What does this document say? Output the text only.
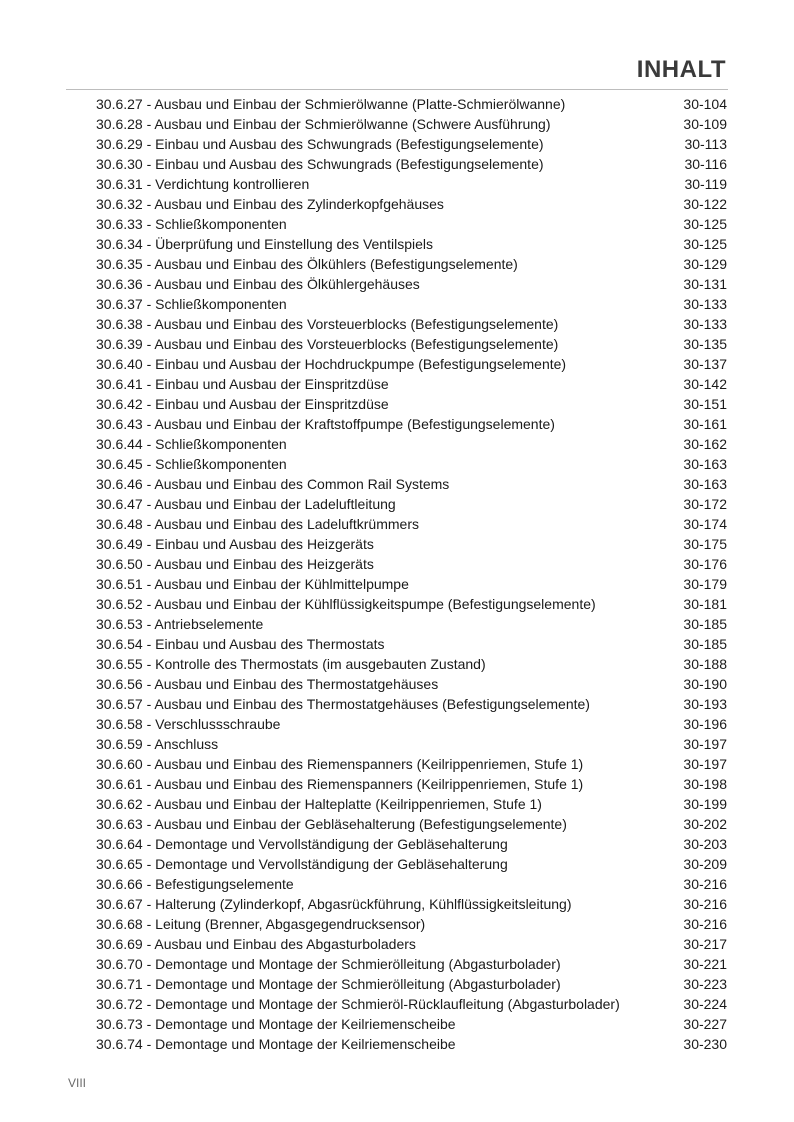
INHALT
30.6.27 - Ausbau und Einbau der Schmierölwanne (Platte-Schmierölwanne)	30-104
30.6.28 - Ausbau und Einbau der Schmierölwanne (Schwere Ausführung)	30-109
30.6.29 - Einbau und Ausbau des Schwungrads (Befestigungselemente)	30-113
30.6.30 - Einbau und Ausbau des Schwungrads (Befestigungselemente)	30-116
30.6.31 - Verdichtung kontrollieren	30-119
30.6.32 - Ausbau und Einbau des Zylinderkopfgehäuses	30-122
30.6.33 - Schließkomponenten	30-125
30.6.34 - Überprüfung und Einstellung des Ventilspiels	30-125
30.6.35 - Ausbau und Einbau des Ölkühlers (Befestigungselemente)	30-129
30.6.36 - Ausbau und Einbau des Ölkühlergehäuses	30-131
30.6.37 - Schließkomponenten	30-133
30.6.38 - Ausbau und Einbau des Vorsteuerblocks (Befestigungselemente)	30-133
30.6.39 - Ausbau und Einbau des Vorsteuerblocks (Befestigungselemente)	30-135
30.6.40 - Einbau und Ausbau der Hochdruckpumpe (Befestigungselemente)	30-137
30.6.41 - Einbau und Ausbau der Einspritzdüse	30-142
30.6.42 - Einbau und Ausbau der Einspritzdüse	30-151
30.6.43 - Ausbau und Einbau der Kraftstoffpumpe (Befestigungselemente)	30-161
30.6.44 - Schließkomponenten	30-162
30.6.45 - Schließkomponenten	30-163
30.6.46 - Ausbau und Einbau des Common Rail Systems	30-163
30.6.47 - Ausbau und Einbau der Ladeluftleitung	30-172
30.6.48 - Ausbau und Einbau des Ladeluftkrümmers	30-174
30.6.49 - Einbau und Ausbau des Heizgeräts	30-175
30.6.50 - Ausbau und Einbau des Heizgeräts	30-176
30.6.51 - Ausbau und Einbau der Kühlmittelpumpe	30-179
30.6.52 - Ausbau und Einbau der Kühlflüssigkeitspumpe (Befestigungselemente)	30-181
30.6.53 - Antriebselemente	30-185
30.6.54 - Einbau und Ausbau des Thermostats	30-185
30.6.55 - Kontrolle des Thermostats (im ausgebauten Zustand)	30-188
30.6.56 - Ausbau und Einbau des Thermostatgehäuses	30-190
30.6.57 - Ausbau und Einbau des Thermostatgehäuses (Befestigungselemente)	30-193
30.6.58 - Verschlussschraube	30-196
30.6.59 - Anschluss	30-197
30.6.60 - Ausbau und Einbau des Riemenspanners (Keilrippenriemen, Stufe 1)	30-197
30.6.61 - Ausbau und Einbau des Riemenspanners (Keilrippenriemen, Stufe 1)	30-198
30.6.62 - Ausbau und Einbau der Halteplatte (Keilrippenriemen, Stufe 1)	30-199
30.6.63 - Ausbau und Einbau der Gebläsehalterung (Befestigungselemente)	30-202
30.6.64 - Demontage und Vervollständigung der Gebläsehalterung	30-203
30.6.65 - Demontage und Vervollständigung der Gebläsehalterung	30-209
30.6.66 - Befestigungselemente	30-216
30.6.67 - Halterung (Zylinderkopf, Abgasrückführung, Kühlflüssigkeitsleitung)	30-216
30.6.68 - Leitung (Brenner, Abgasgegendrucksensor)	30-216
30.6.69 - Ausbau und Einbau des Abgasturboladers	30-217
30.6.70 - Demontage und Montage der Schmierölleitung (Abgasturbolader)	30-221
30.6.71 - Demontage und Montage der Schmierölleitung (Abgasturbolader)	30-223
30.6.72 - Demontage und Montage der Schmieröl-Rücklaufleitung (Abgasturbolader)	30-224
30.6.73 - Demontage und Montage der Keilriemenscheibe	30-227
30.6.74 - Demontage und Montage der Keilriemenscheibe	30-230
VIII
